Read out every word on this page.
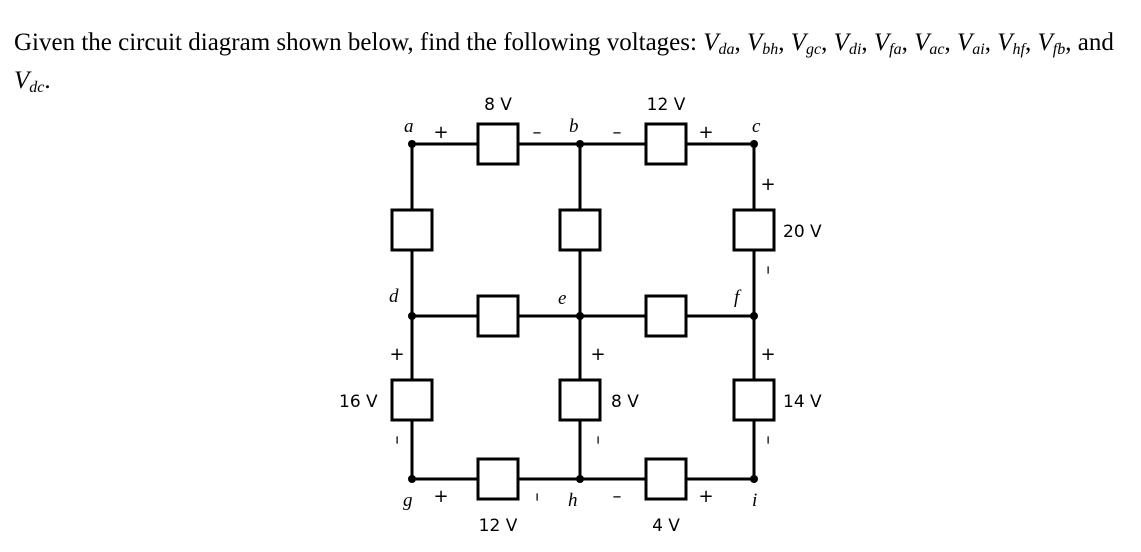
Given the circuit diagram shown below, find the following voltages: $V_{da}$, $V_{bh}$, $V_{gc}$, $V_{di}$, $V_{fa}$, $V_{ac}$, $V_{ai}$, $V_{hf}$, $V_{fb}$, and $V_{dc}$.
a	b	c
d	e	f
g	h	i
8 V	12 V
20 V
16 V	8 V	14 V
12 V	4 V
+	–	–	+
+
–
+
–
+
–
+
–
+	–	–	+
